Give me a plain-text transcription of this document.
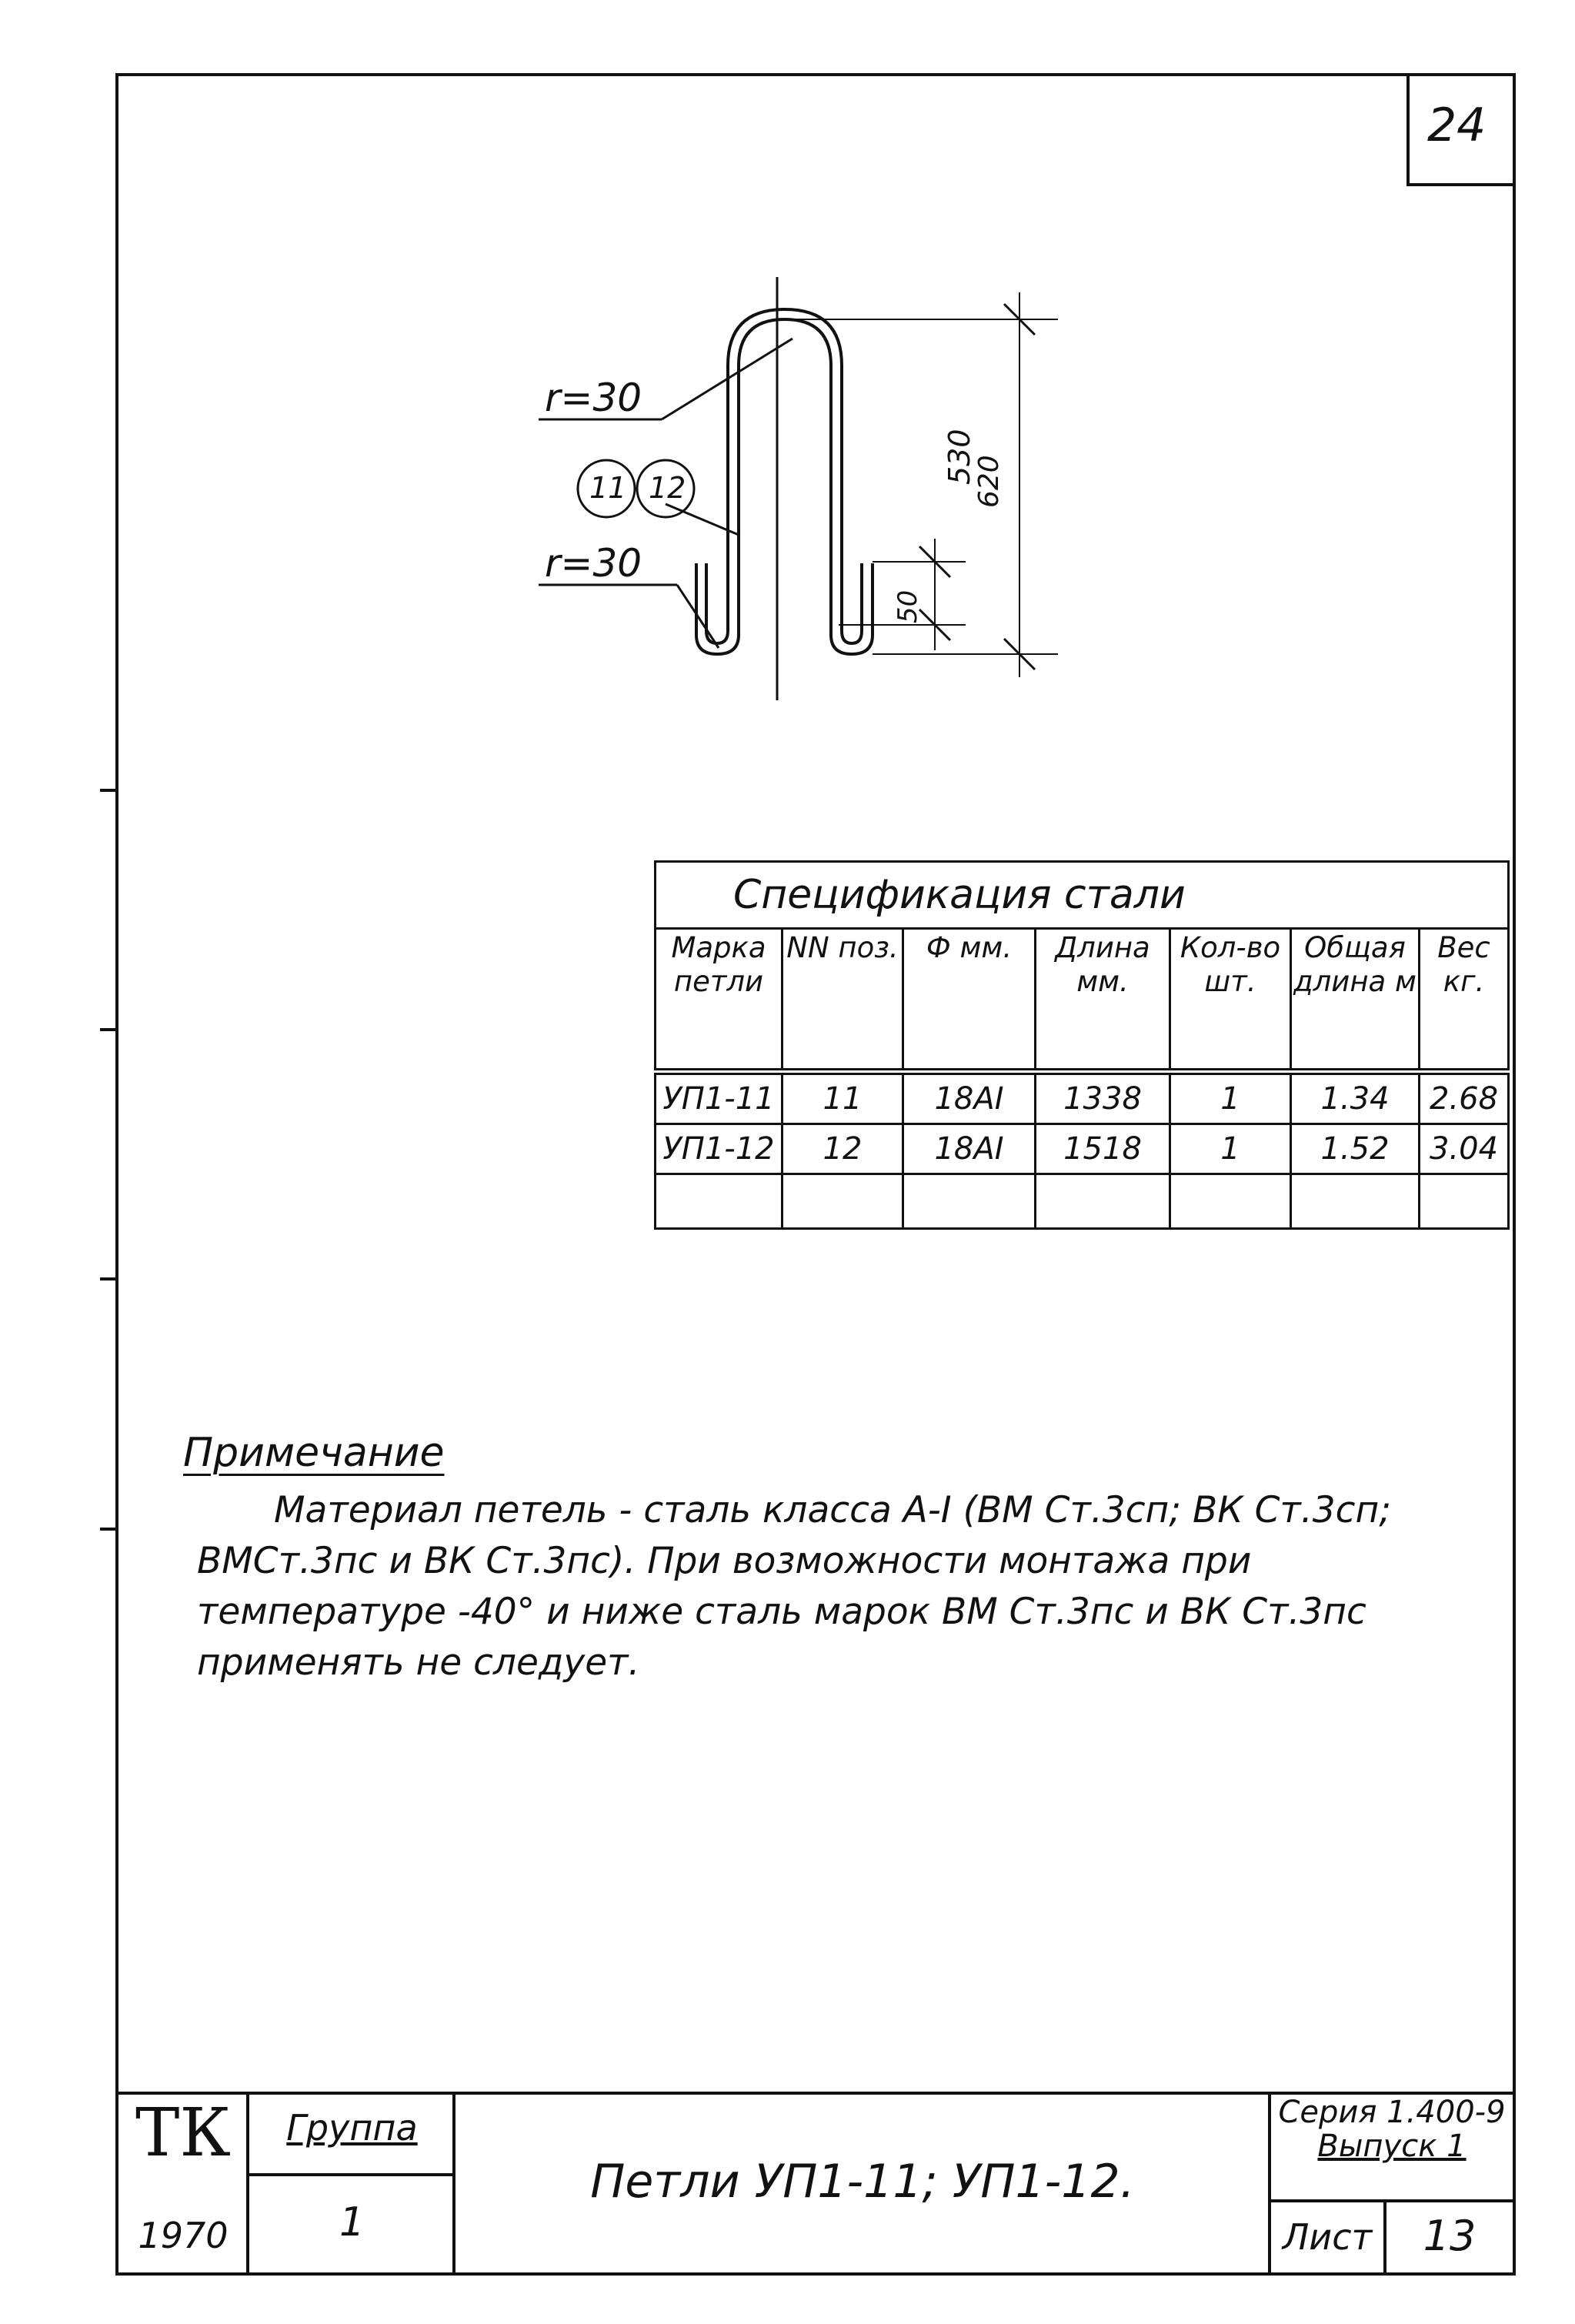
24
r=30
r=30
11 12
530
620
50
Спецификация стали						
Марка петли	NN поз.	Ф мм.	Длина мм.	Кол-во шт.	Общая длина м	Вес кг.
УП1-11	11	18AI	1338	1	1.34	2.68
УП1-12	12	18AI	1518	1	1.52	3.04

Примечание

Материал петель - сталь класса А-I (ВМ Ст.3сп; ВК Ст.3сп; ВМСт.3пс и ВК Ст.3пс). При возможности монтажа при температуре -40° и ниже сталь марок ВМ Ст.3пс и ВК Ст.3пс применять не следует.

ТК
1970
Группа
1
Петли УП1-11; УП1-12.
Серия 1.400-9
Выпуск 1
Лист	13
